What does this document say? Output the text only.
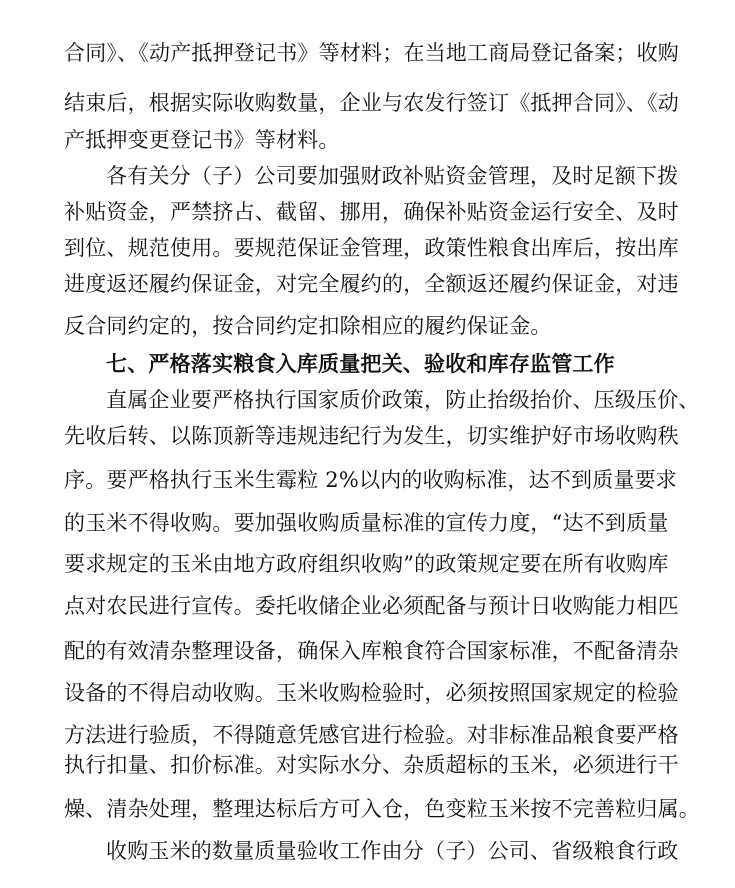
合同》、《动产抵押登记书》等材料；在当地工商局登记备案；收购
结束后，根据实际收购数量，企业与农发行签订《抵押合同》、《动
产抵押变更登记书》等材料。
各有关分（子）公司要加强财政补贴资金管理，及时足额下拨
补贴资金，严禁挤占、截留、挪用，确保补贴资金运行安全、及时
到位、规范使用。要规范保证金管理，政策性粮食出库后，按出库
进度返还履约保证金，对完全履约的，全额返还履约保证金，对违
反合同约定的，按合同约定扣除相应的履约保证金。
七、严格落实粮食入库质量把关、验收和库存监管工作
直属企业要严格执行国家质价政策，防止抬级抬价、压级压价、
先收后转、以陈顶新等违规违纪行为发生，切实维护好市场收购秩
序。要严格执行玉米生霉粒 2%以内的收购标准，达不到质量要求
的玉米不得收购。要加强收购质量标准的宣传力度，“达不到质量
要求规定的玉米由地方政府组织收购”的政策规定要在所有收购库
点对农民进行宣传。委托收储企业必须配备与预计日收购能力相匹
配的有效清杂整理设备，确保入库粮食符合国家标准，不配备清杂
设备的不得启动收购。玉米收购检验时，必须按照国家规定的检验
方法进行验质，不得随意凭感官进行检验。对非标准品粮食要严格
执行扣量、扣价标准。对实际水分、杂质超标的玉米，必须进行干
燥、清杂处理，整理达标后方可入仓，色变粒玉米按不完善粒归属。
收购玉米的数量质量验收工作由分（子）公司、省级粮食行政
